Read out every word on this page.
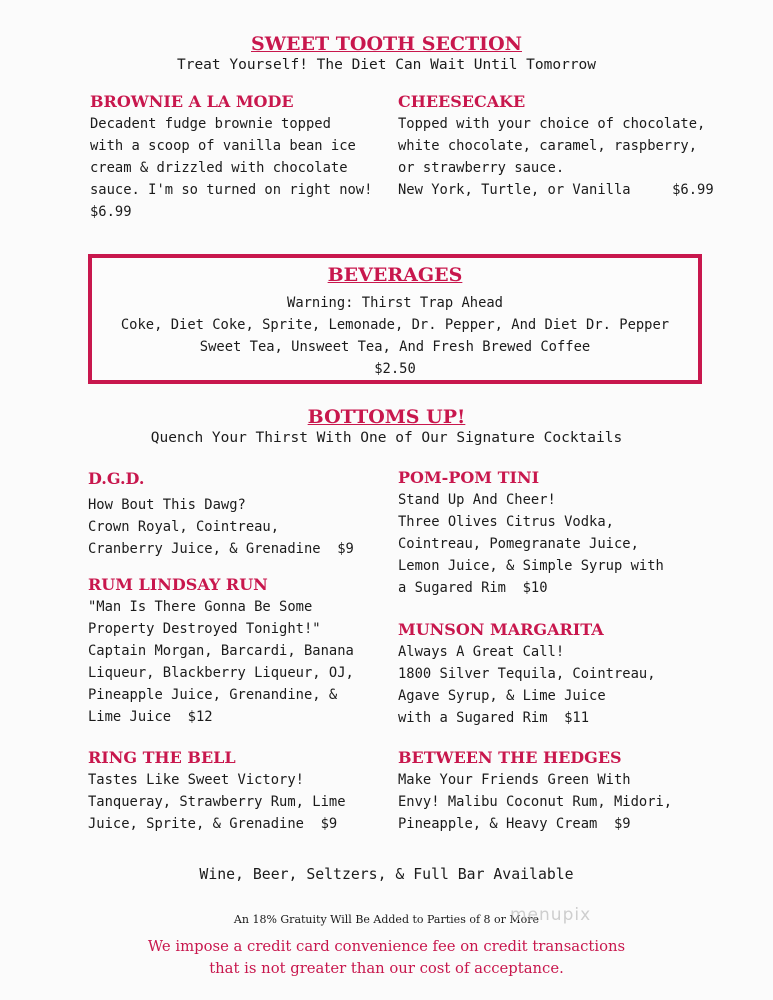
SWEET TOOTH SECTION
Treat Yourself! The Diet Can Wait Until Tomorrow
BROWNIE A LA MODE
Decadent fudge brownie topped
with a scoop of vanilla bean ice
cream & drizzled with chocolate
sauce. I'm so turned on right now!
$6.99
CHEESECAKE
Topped with your choice of chocolate,
white chocolate, caramel, raspberry,
or strawberry sauce.
New York, Turtle, or Vanilla     $6.99
BEVERAGES
Warning: Thirst Trap Ahead
Coke, Diet Coke, Sprite, Lemonade, Dr. Pepper, And Diet Dr. Pepper
Sweet Tea, Unsweet Tea, And Fresh Brewed Coffee
$2.50
BOTTOMS UP!
Quench Your Thirst With One of Our Signature Cocktails
D.G.D.
How Bout This Dawg?
Crown Royal, Cointreau,
Cranberry Juice, & Grenadine  $9
RUM LINDSAY RUN
"Man Is There Gonna Be Some
Property Destroyed Tonight!"
Captain Morgan, Barcardi, Banana
Liqueur, Blackberry Liqueur, OJ,
Pineapple Juice, Grenandine, &
Lime Juice  $12
RING THE BELL
Tastes Like Sweet Victory!
Tanqueray, Strawberry Rum, Lime
Juice, Sprite, & Grenadine  $9
POM-POM TINI
Stand Up And Cheer!
Three Olives Citrus Vodka,
Cointreau, Pomegranate Juice,
Lemon Juice, & Simple Syrup with
a Sugared Rim  $10
MUNSON MARGARITA
Always A Great Call!
1800 Silver Tequila, Cointreau,
Agave Syrup, & Lime Juice
with a Sugared Rim  $11
BETWEEN THE HEDGES
Make Your Friends Green With
Envy! Malibu Coconut Rum, Midori,
Pineapple, & Heavy Cream  $9
Wine, Beer, Seltzers, & Full Bar Available
An 18% Gratuity Will Be Added to Parties of 8 or More
We impose a credit card convenience fee on credit transactions
that is not greater than our cost of acceptance.
menupix
